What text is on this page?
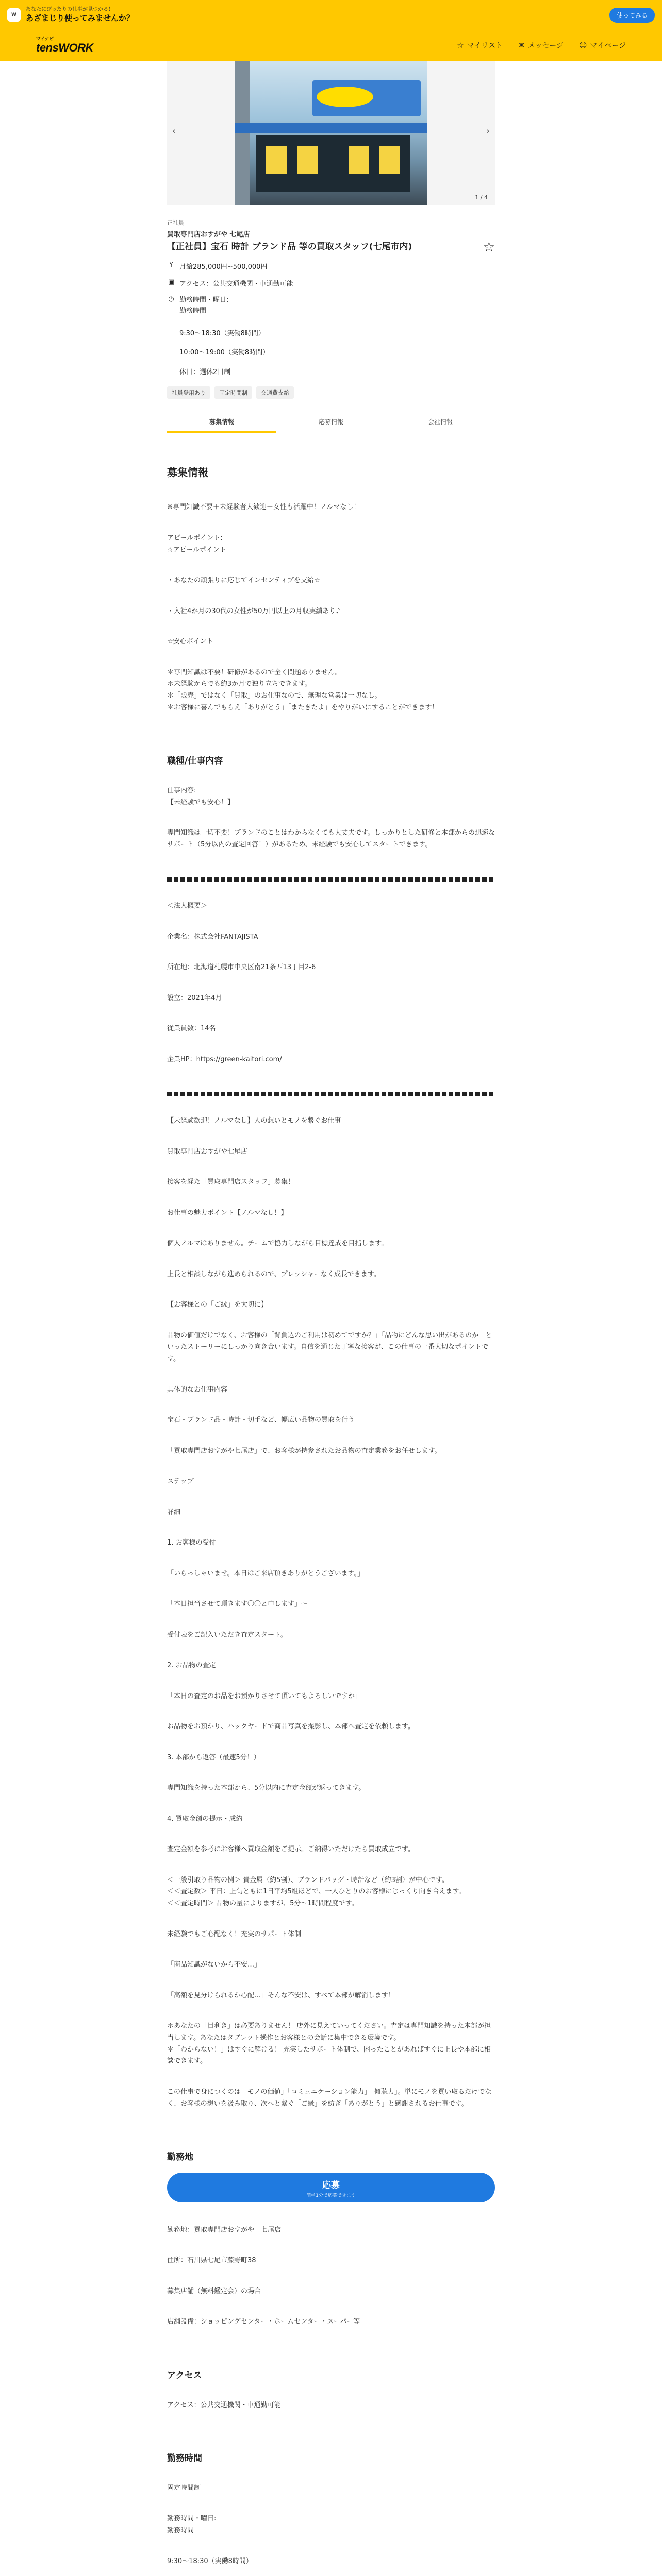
W
あなたにぴったりの仕事が見つかる！
あざまじり使ってみませんか？	使ってみる
マイナビ
tensWORK	☆ マイリスト ✉ メッセージ ☺ マイページ
‹	›
1 / 4
正社員
買取専門店おすがや 七尾店
【正社員】宝石 時計 ブランド品 等の買取スタッフ(七尾市内)	☆
¥ 月給285,000円~500,000円
▣ アクセス：公共交通機関・車通勤可能
◷ 勤務時間・曜日:
勤務時間
9:30〜18:30（実働8時間）
10:00〜19:00（実働8時間）
休日：週休2日制
社員登用あり	固定時間制	交通費支給
募集情報	応募情報	会社情報
募集情報

※専門知識不要＋未経験者大歓迎＋女性も活躍中！ノルマなし！

アピールポイント:
☆アピールポイント

・あなたの頑張りに応じてインセンティブを支給☆

・入社4か月の30代の女性が50万円以上の月収実績あり♪

☆安心ポイント

＊専門知識は不要！研修があるので全く問題ありません。
＊未経験からでも約3か月で独り立ちできます。
＊「販売」ではなく「買取」のお仕事なので、無理な営業は一切なし。
＊お客様に喜んでもらえ「ありがとう」「またきたよ」をやりがいにすることができます！

職種/仕事内容

仕事内容:
【未経験でも安心！】

専門知識は一切不要！ブランドのことはわからなくても大丈夫です。しっかりとした研修と本部からの迅速なサポート（5分以内の査定回答！）があるため、未経験でも安心してスタートできます。

＜法人概要＞

企業名：株式会社FANTAJISTA

所在地：北海道札幌市中央区南21条西13丁目2-6

設立：2021年4月

従業員数：14名

企業HP：https://green-kaitori.com/

【未経験歓迎！ノルマなし】人の想いとモノを繋ぐお仕事

買取専門店おすがや七尾店

接客を経た「買取専門店スタッフ」募集！

お仕事の魅力ポイント【ノルマなし！】

個人ノルマはありません。チームで協力しながら目標達成を目指します。

上長と相談しながら進められるので、プレッシャーなく成長できます。

【お客様との「ご縁」を大切に】

品物の価値だけでなく、お客様の「背負込のご利用は初めてですか？」「品物にどんな思い出があるのか」といったストーリーにしっかり向き合います。自信を通じた丁寧な接客が、この仕事の一番大切なポイントです。

具体的なお仕事内容

宝石・ブランド品・時計・切手など、幅広い品物の買取を行う

「買取専門店おすがや七尾店」で、お客様が持参されたお品物の査定業務をお任せします。

ステップ

詳細

1. お客様の受付

「いらっしゃいませ。本日はご来店頂きありがとうございます。」

「本日担当させて頂きます〇〇と申します」～

受付表をご記入いただき査定スタート。

2. お品物の査定

「本日の査定のお品をお預かりさせて頂いてもよろしいですか」

お品物をお預かり、ハックヤードで商品写真を撮影し、本部へ査定を依頼します。

3. 本部から返答（最速5分！）

専門知識を持った本部から、5分以内に査定金額が返ってきます。

4. 買取金額の提示・成約

査定金額を参考にお客様へ買取金額をご提示。ご納得いただけたら買取成立です。

＜一般引取り品物の例＞ 貴金属（約5割）、ブランドバッグ・時計など（約3割）が中心です。
＜＜査定数＞ 平日：上旬ともに1日平均5組ほどで、一人ひとりのお客様にじっくり向き合えます。
＜＜査定時間＞ 品物の量によりますが、5分～1時間程度です。

未経験でもご心配なく！充実のサポート体制

「商品知識がないから不安…」

「高額を見分けられるか心配…」そんな不安は、すべて本部が解消します！

＊あなたの「目利き」は必要ありません！ 店外に見えていってください。査定は専門知識を持った本部が担当します。あなたはタブレット操作とお客様との会話に集中できる環境です。
＊「わからない！」はすぐに解ける！ 充実したサポート体制で、困ったことがあればすぐに上長や本部に相談できます。

この仕事で身につくのは「モノの価値」「コミュニケーション能力」「傾聴力」。単にモノを買い取るだけでなく、お客様の想いを汲み取り、次へと繋ぐ「ご縁」を紡ぎ「ありがとう」と感謝されるお仕事です。

勤務地
応募
簡単1分で応募できます

勤務地：買取専門店おすがや　七尾店

住所：石川県七尾市藤野町38

募集店舗（無料鑑定会）の場合

店舗設備：ショッピングセンター・ホームセンター・スーパー等

アクセス

アクセス：公共交通機関・車通勤可能

勤務時間

固定時間制

勤務時間・曜日:
勤務時間

9:30〜18:30（実働8時間）
